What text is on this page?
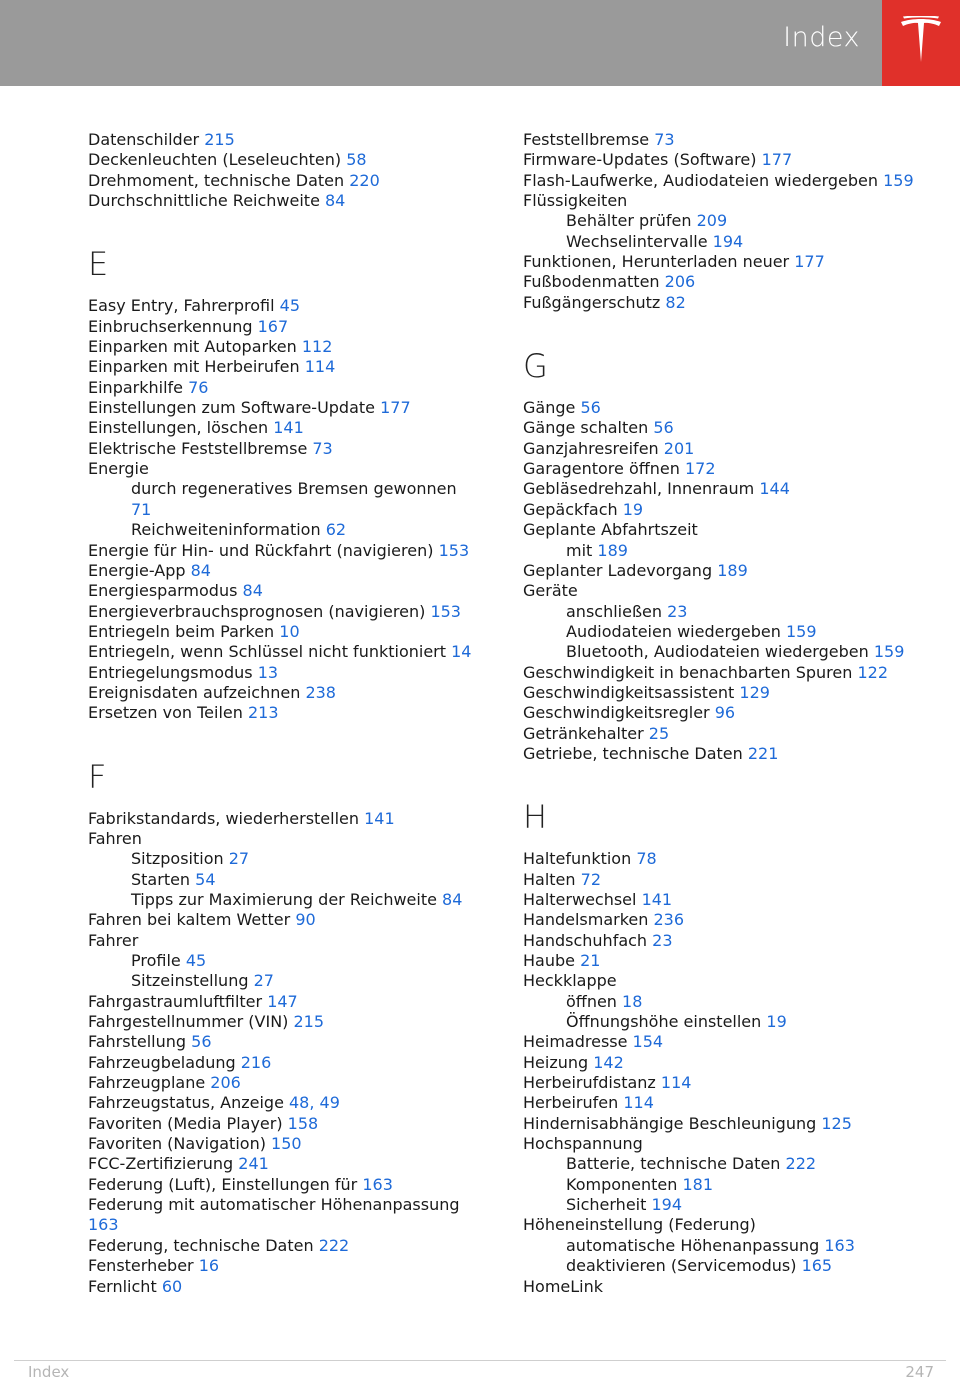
Index
Datenschilder 215
Deckenleuchten (Leseleuchten) 58
Drehmoment, technische Daten 220
Durchschnittliche Reichweite 84
E
Easy Entry, Fahrerprofil 45
Einbruchserkennung 167
Einparken mit Autoparken 112
Einparken mit Herbeirufen 114
Einparkhilfe 76
Einstellungen zum Software-Update 177
Einstellungen, löschen 141
Elektrische Feststellbremse 73
Energie
durch regeneratives Bremsen gewonnen 71
Reichweiteninformation 62
Energie für Hin- und Rückfahrt (navigieren) 153
Energie-App 84
Energiesparmodus 84
Energieverbrauchsprognosen (navigieren) 153
Entriegeln beim Parken 10
Entriegeln, wenn Schlüssel nicht funktioniert 14
Entriegelungsmodus 13
Ereignisdaten aufzeichnen 238
Ersetzen von Teilen 213
F
Fabrikstandards, wiederherstellen 141
Fahren
Sitzposition 27
Starten 54
Tipps zur Maximierung der Reichweite 84
Fahren bei kaltem Wetter 90
Fahrer
Profile 45
Sitzeinstellung 27
Fahrgastraumluftfilter 147
Fahrgestellnummer (VIN) 215
Fahrstellung 56
Fahrzeugbeladung 216
Fahrzeugplane 206
Fahrzeugstatus, Anzeige 48, 49
Favoriten (Media Player) 158
Favoriten (Navigation) 150
FCC-Zertifizierung 241
Federung (Luft), Einstellungen für 163
Federung mit automatischer Höhenanpassung 163
Federung, technische Daten 222
Fensterheber 16
Fernlicht 60
Feststellbremse 73
Firmware-Updates (Software) 177
Flash-Laufwerke, Audiodateien wiedergeben 159
Flüssigkeiten
Behälter prüfen 209
Wechselintervalle 194
Funktionen, Herunterladen neuer 177
Fußbodenmatten 206
Fußgängerschutz 82
G
Gänge 56
Gänge schalten 56
Ganzjahresreifen 201
Garagentore öffnen 172
Gebläsedrehzahl, Innenraum 144
Gepäckfach 19
Geplante Abfahrtszeit
mit 189
Geplanter Ladevorgang 189
Geräte
anschließen 23
Audiodateien wiedergeben 159
Bluetooth, Audiodateien wiedergeben 159
Geschwindigkeit in benachbarten Spuren 122
Geschwindigkeitsassistent 129
Geschwindigkeitsregler 96
Getränkehalter 25
Getriebe, technische Daten 221
H
Haltefunktion 78
Halten 72
Halterwechsel 141
Handelsmarken 236
Handschuhfach 23
Haube 21
Heckklappe
öffnen 18
Öffnungshöhe einstellen 19
Heimadresse 154
Heizung 142
Herbeirufdistanz 114
Herbeirufen 114
Hindernisabhängige Beschleunigung 125
Hochspannung
Batterie, technische Daten 222
Komponenten 181
Sicherheit 194
Höheneinstellung (Federung)
automatische Höhenanpassung 163
deaktivieren (Servicemodus) 165
HomeLink
Index	247
